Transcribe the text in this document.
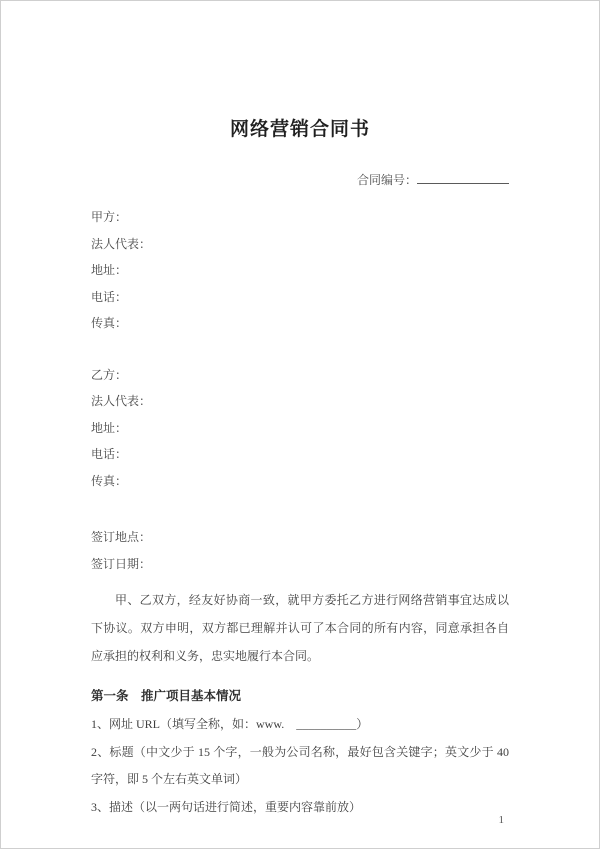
网络营销合同书
合同编号：

甲方：

法人代表：

地址：

电话：

传真：

乙方：

法人代表：

地址：

电话：

传真：

签订地点：

签订日期：

甲、乙双方，经友好协商一致，就甲方委托乙方进行网络营销事宜达成以下协议。双方申明，双方都已理解并认可了本合同的所有内容，同意承担各自应承担的权利和义务，忠实地履行本合同。

第一条　推广项目基本情况

1、网址 URL（填写全称，如：www.　__________）

2、标题（中文少于 15 个字，一般为公司名称，最好包含关键字；英文少于 40 字符，即 5 个左右英文单词）

3、描述（以一两句话进行简述，重要内容靠前放）

1
